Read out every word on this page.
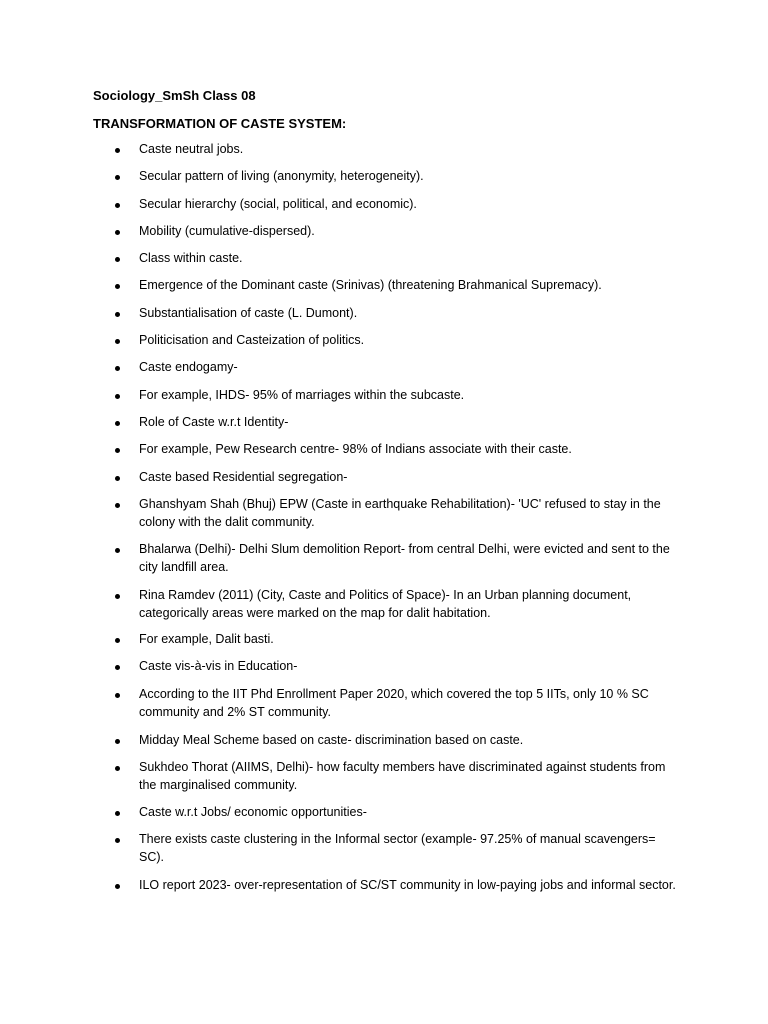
Sociology_SmSh Class 08
TRANSFORMATION OF CASTE SYSTEM:
Caste neutral jobs.
Secular pattern of living (anonymity, heterogeneity).
Secular hierarchy (social, political, and economic).
Mobility (cumulative-dispersed).
Class within caste.
Emergence of the Dominant caste (Srinivas) (threatening Brahmanical Supremacy).
Substantialisation of caste (L. Dumont).
Politicisation and Casteization of politics.
Caste endogamy-
For example, IHDS- 95% of marriages within the subcaste.
Role of Caste w.r.t Identity-
For example, Pew Research centre- 98% of Indians associate with their caste.
Caste based Residential segregation-
Ghanshyam Shah (Bhuj) EPW (Caste in earthquake Rehabilitation)- 'UC' refused to stay in the colony with the dalit community.
Bhalarwa (Delhi)- Delhi Slum demolition Report- from central Delhi, were evicted and sent to the city landfill area.
Rina Ramdev (2011) (City, Caste and Politics of Space)- In an Urban planning document, categorically areas were marked on the map for dalit habitation.
For example, Dalit basti.
Caste vis-à-vis in Education-
According to the IIT Phd Enrollment Paper 2020, which covered the top 5 IITs, only 10 % SC community and 2% ST community.
Midday Meal Scheme based on caste- discrimination based on caste.
Sukhdeo Thorat (AIIMS, Delhi)- how faculty members have discriminated against students from the marginalised community.
Caste w.r.t Jobs/ economic opportunities-
There exists caste clustering in the Informal sector (example- 97.25% of manual scavengers= SC).
ILO report 2023- over-representation of SC/ST community in low-paying jobs and informal sector.
